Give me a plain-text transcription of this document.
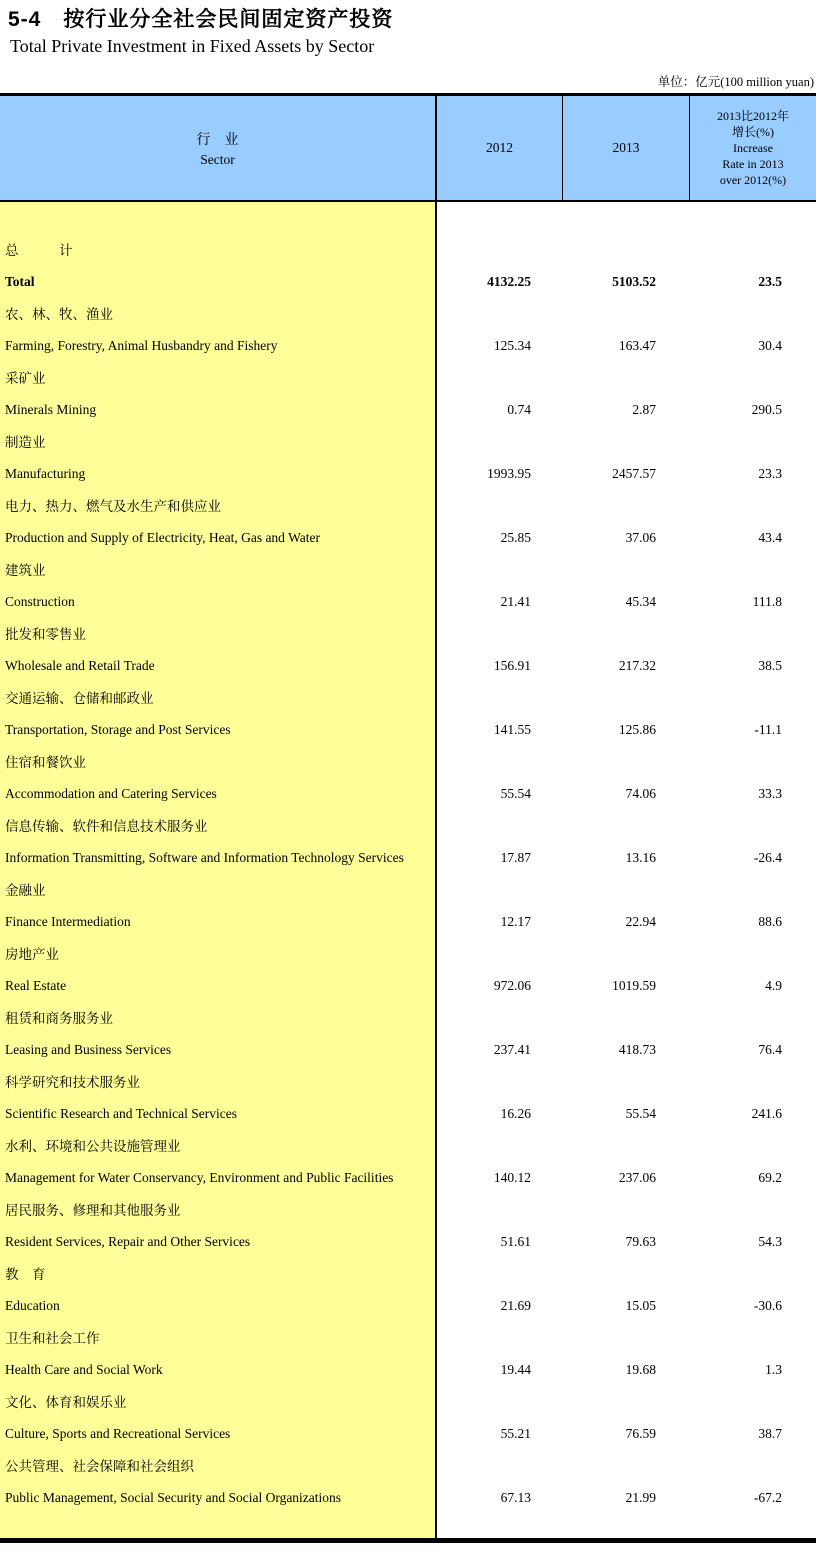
5-4　按行业分全社会民间固定资产投资
Total Private Investment in Fixed Assets by Sector
单位：亿元(100 million yuan)
行　业
Sector
2012	2013
2013比2012年
增长(%)
Increase
Rate in 2013
over 2012(%)
总　　　计
Total	4132.25	5103.52	23.5
农、林、牧、渔业
Farming, Forestry, Animal Husbandry and Fishery	125.34	163.47	30.4
采矿业
Minerals Mining	0.74	2.87	290.5
制造业
Manufacturing	1993.95	2457.57	23.3
电力、热力、燃气及水生产和供应业
Production and Supply of Electricity, Heat, Gas and Water	25.85	37.06	43.4
建筑业
Construction	21.41	45.34	111.8
批发和零售业
Wholesale and Retail Trade	156.91	217.32	38.5
交通运输、仓储和邮政业
Transportation, Storage and Post Services	141.55	125.86	-11.1
住宿和餐饮业
Accommodation and Catering Services	55.54	74.06	33.3
信息传输、软件和信息技术服务业
Information Transmitting, Software and Information Technology Services	17.87	13.16	-26.4
金融业
Finance Intermediation	12.17	22.94	88.6
房地产业
Real Estate	972.06	1019.59	4.9
租赁和商务服务业
Leasing and Business Services	237.41	418.73	76.4
科学研究和技术服务业
Scientific Research and Technical Services	16.26	55.54	241.6
水利、环境和公共设施管理业
Management for Water Conservancy, Environment and Public Facilities	140.12	237.06	69.2
居民服务、修理和其他服务业
Resident Services, Repair and Other Services	51.61	79.63	54.3
教　育
Education	21.69	15.05	-30.6
卫生和社会工作
Health Care and Social Work	19.44	19.68	1.3
文化、体育和娱乐业
Culture, Sports and Recreational Services	55.21	76.59	38.7
公共管理、社会保障和社会组织
Public Management, Social Security and Social Organizations	67.13	21.99	-67.2
